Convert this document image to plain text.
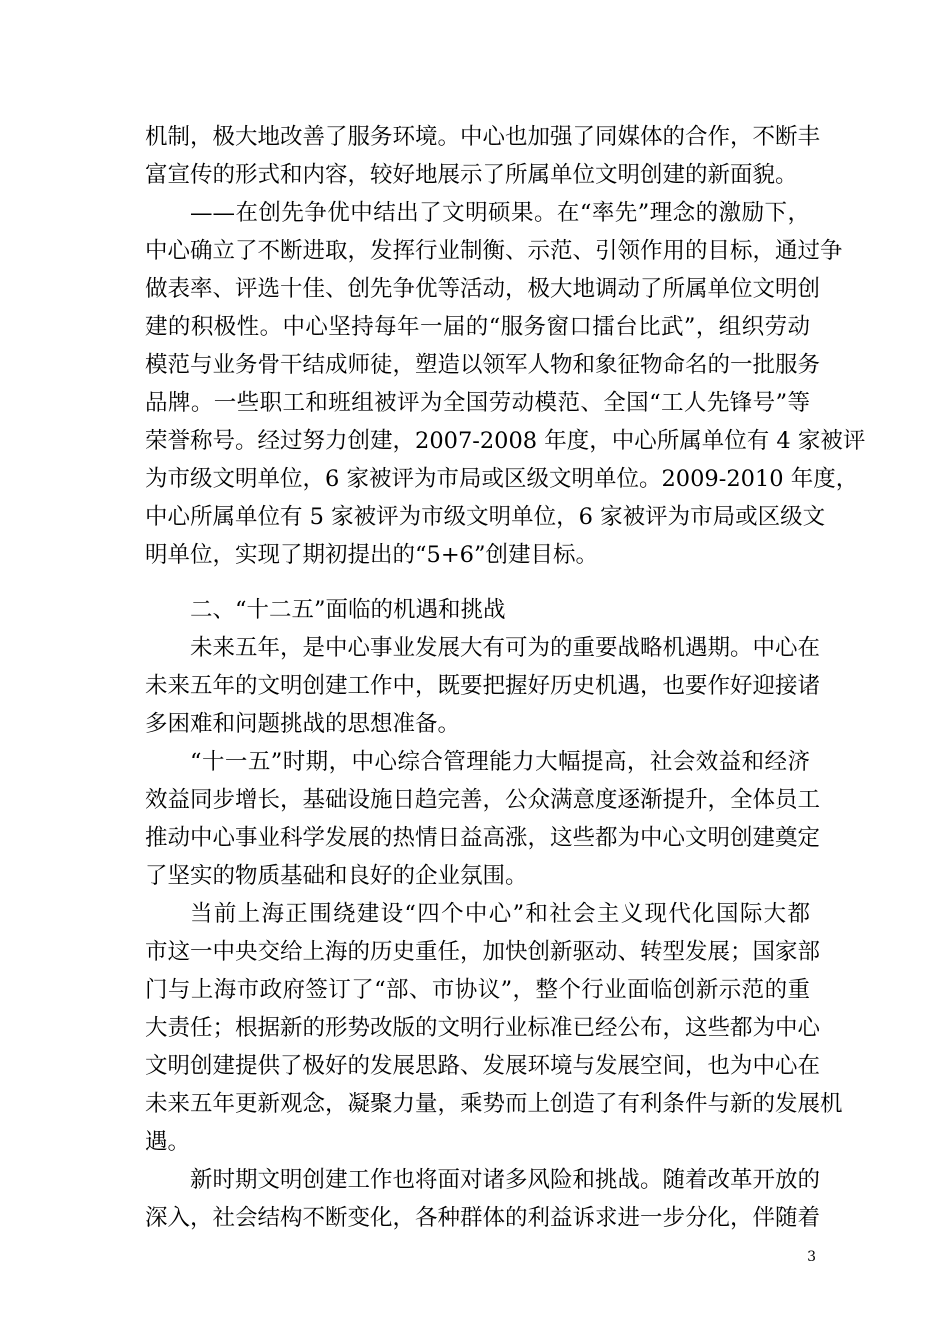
机制，极大地改善了服务环境。中心也加强了同媒体的合作，不断丰
富宣传的形式和内容，较好地展示了所属单位文明创建的新面貌。
——在创先争优中结出了文明硕果。在“率先”理念的激励下，
中心确立了不断进取，发挥行业制衡、示范、引领作用的目标，通过争
做表率、评选十佳、创先争优等活动，极大地调动了所属单位文明创
建的积极性。中心坚持每年一届的“服务窗口擂台比武”，组织劳动
模范与业务骨干结成师徒，塑造以领军人物和象征物命名的一批服务
品牌。一些职工和班组被评为全国劳动模范、全国“工人先锋号”等
荣誉称号。经过努力创建，2007-2008 年度，中心所属单位有 4 家被评
为市级文明单位，6 家被评为市局或区级文明单位。2009-2010 年度，
中心所属单位有 5 家被评为市级文明单位，6 家被评为市局或区级文
明单位，实现了期初提出的“5+6”创建目标。
二、“十二五”面临的机遇和挑战
未来五年，是中心事业发展大有可为的重要战略机遇期。中心在
未来五年的文明创建工作中，既要把握好历史机遇，也要作好迎接诸
多困难和问题挑战的思想准备。
“十一五”时期，中心综合管理能力大幅提高，社会效益和经济
效益同步增长，基础设施日趋完善，公众满意度逐渐提升，全体员工
推动中心事业科学发展的热情日益高涨，这些都为中心文明创建奠定
了坚实的物质基础和良好的企业氛围。
当前上海正围绕建设“四个中心”和社会主义现代化国际大都
市这一中央交给上海的历史重任，加快创新驱动、转型发展；国家部
门与上海市政府签订了“部、市协议”，整个行业面临创新示范的重
大责任；根据新的形势改版的文明行业标准已经公布，这些都为中心
文明创建提供了极好的发展思路、发展环境与发展空间，也为中心在
未来五年更新观念，凝聚力量，乘势而上创造了有利条件与新的发展机
遇。
新时期文明创建工作也将面对诸多风险和挑战。随着改革开放的
深入，社会结构不断变化，各种群体的利益诉求进一步分化，伴随着
3
